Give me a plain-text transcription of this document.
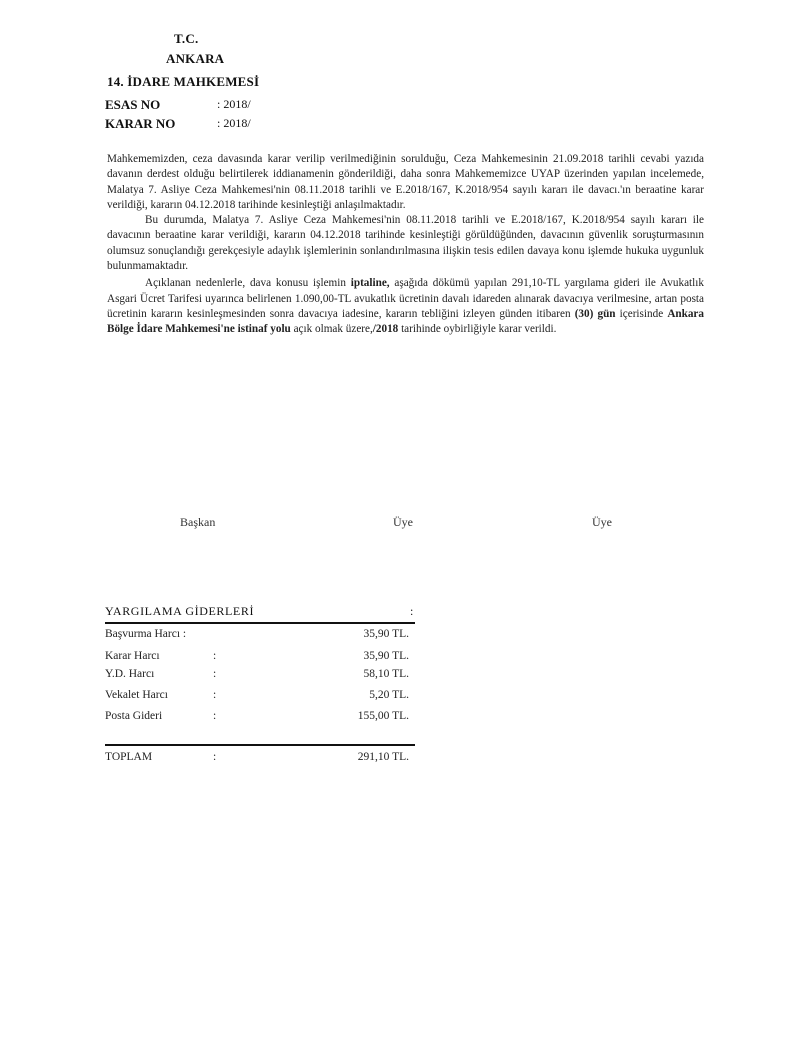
T.C.
ANKARA
14. İDARE MAHKEMESİ
ESAS NO	: 2018/
KARAR NO	: 2018/

Mahkememizden, ceza davasında karar verilip verilmediğinin sorulduğu, Ceza Mahkemesinin 21.09.2018 tarihli cevabi yazıda davanın derdest olduğu belirtilerek iddianamenin gönderildiği, daha sonra Mahkememizce UYAP üzerinden yapılan incelemede, Malatya 7. Asliye Ceza Mahkemesi'nin 08.11.2018 tarihli ve E.2018/167, K.2018/954 sayılı kararı ile davacı.'ın beraatine karar verildiği, kararın 04.12.2018 tarihinde kesinleştiği anlaşılmaktadır.

Bu durumda, Malatya 7. Asliye Ceza Mahkemesi'nin 08.11.2018 tarihli ve E.2018/167, K.2018/954 sayılı kararı ile davacının beraatine karar verildiği, kararın 04.12.2018 tarihinde kesinleştiği görüldüğünden, davacının güvenlik soruşturmasının olumsuz sonuçlandığı gerekçesiyle adaylık işlemlerinin sonlandırılmasına ilişkin tesis edilen davaya konu işlemde hukuka uygunluk bulunmamaktadır.

Açıklanan nedenlerle, dava konusu işlemin iptaline, aşağıda dökümü yapılan 291,10-TL yargılama gideri ile Avukatlık Asgari Ücret Tarifesi uyarınca belirlenen 1.090,00-TL avukatlık ücretinin davalı idareden alınarak davacıya verilmesine, artan posta ücretinin kararın kesinleşmesinden sonra davacıya iadesine, kararın tebliğini izleyen günden itibaren (30) gün içerisinde Ankara Bölge İdare Mahkemesi'ne istinaf yolu açık olmak üzere,/2018 tarihinde oybirliğiyle karar verildi.

Başkan	Üye	Üye
YARGILAMA GİDERLERİ	:
Başvurma Harcı :	35,90 TL.
Karar Harcı	:	35,90 TL.
Y.D. Harcı	:	58,10 TL.
Vekalet Harcı	:	5,20 TL.
Posta Gideri	:	155,00 TL.
TOPLAM	:	291,10 TL.
